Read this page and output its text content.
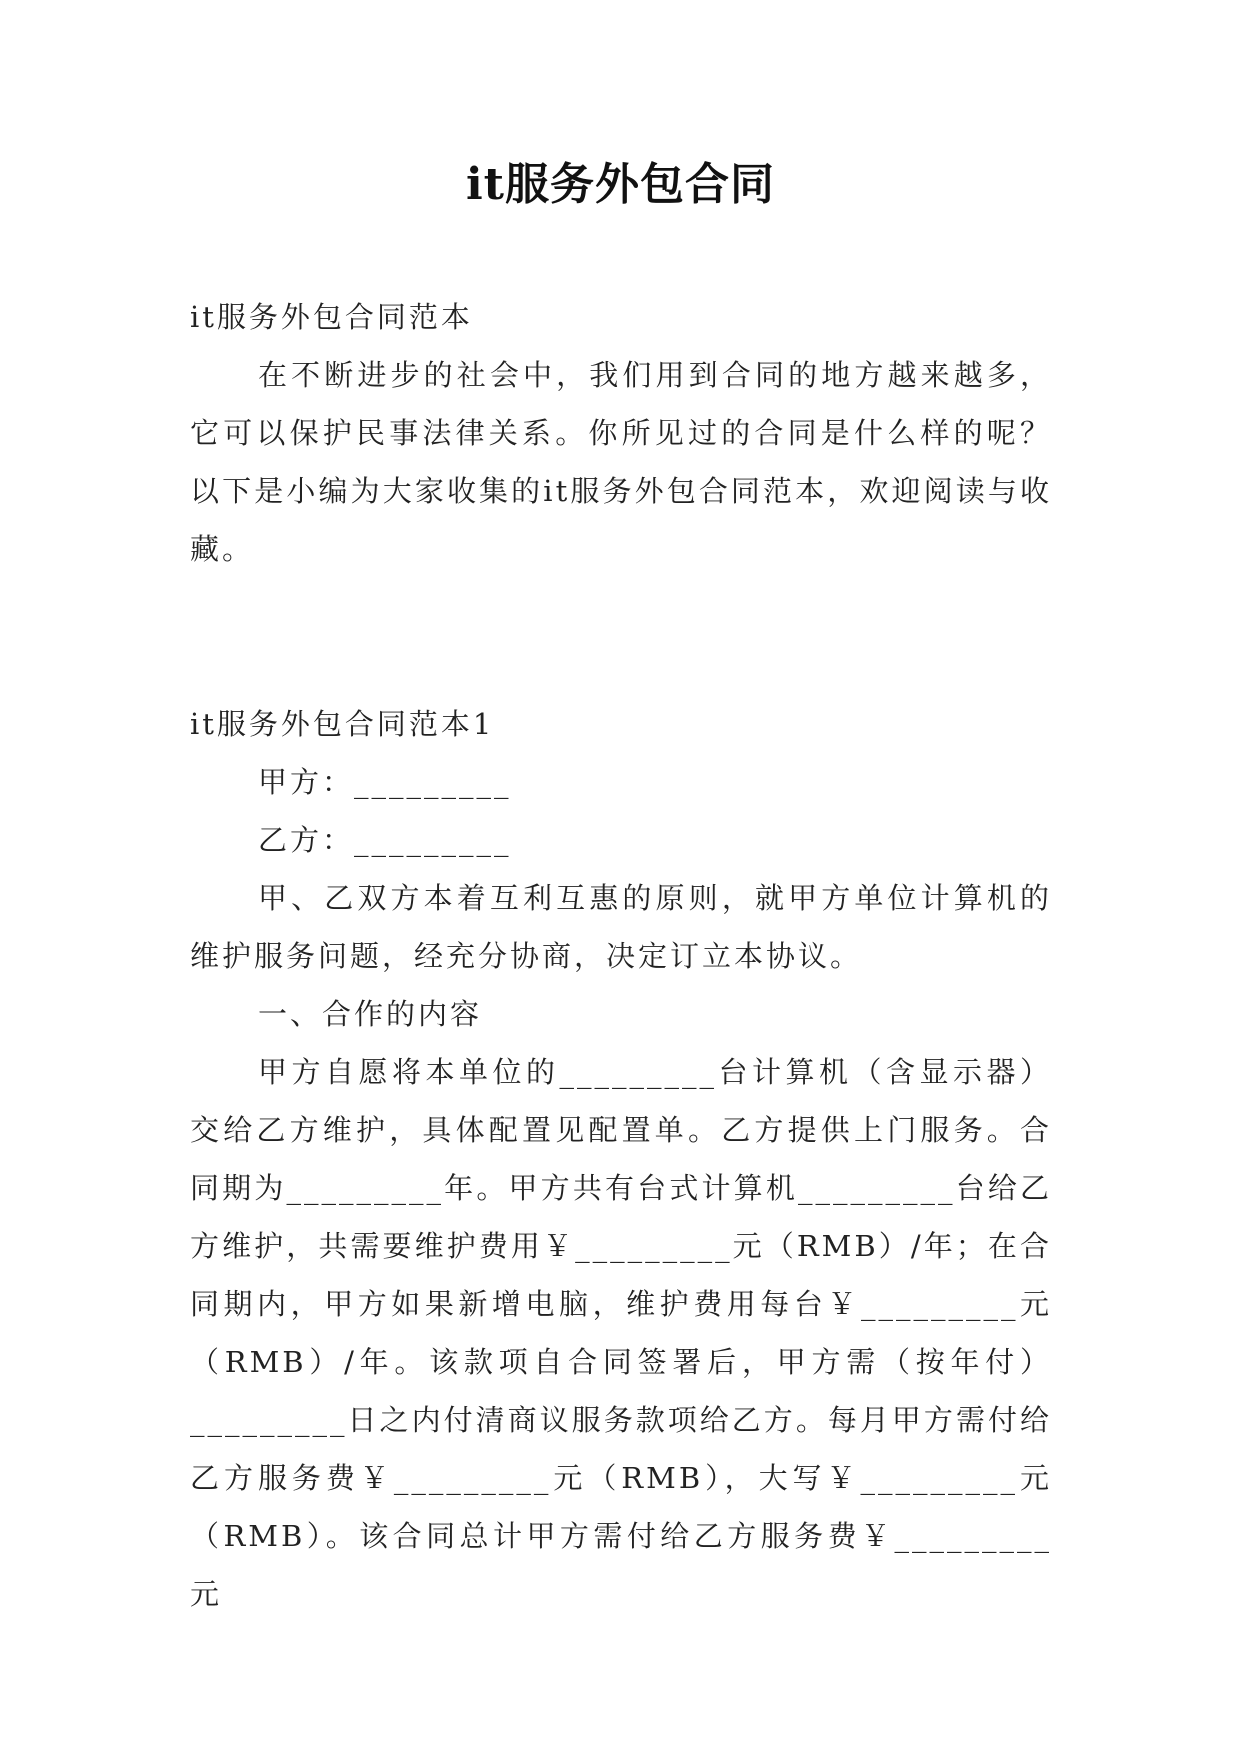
it服务外包合同

it服务外包合同范本

在不断进步的社会中，我们用到合同的地方越来越多，它可以保护民事法律关系。你所见过的合同是什么样的呢？以下是小编为大家收集的it服务外包合同范本，欢迎阅读与收藏。

it服务外包合同范本1

甲方：_________

乙方：_________

甲、乙双方本着互利互惠的原则，就甲方单位计算机的维护服务问题，经充分协商，决定订立本协议。

一、合作的内容

甲方自愿将本单位的_________台计算机（含显示器）交给乙方维护，具体配置见配置单。乙方提供上门服务。合同期为_________年。甲方共有台式计算机_________台给乙方维护，共需要维护费用￥_________元（RMB）/年；在合同期内，甲方如果新增电脑，维护费用每台￥_________元（RMB）/年。该款项自合同签署后，甲方需（按年付）_________日之内付清商议服务款项给乙方。每月甲方需付给乙方服务费￥_________元（RMB），大写￥_________元（RMB）。该合同总计甲方需付给乙方服务费￥_________元
